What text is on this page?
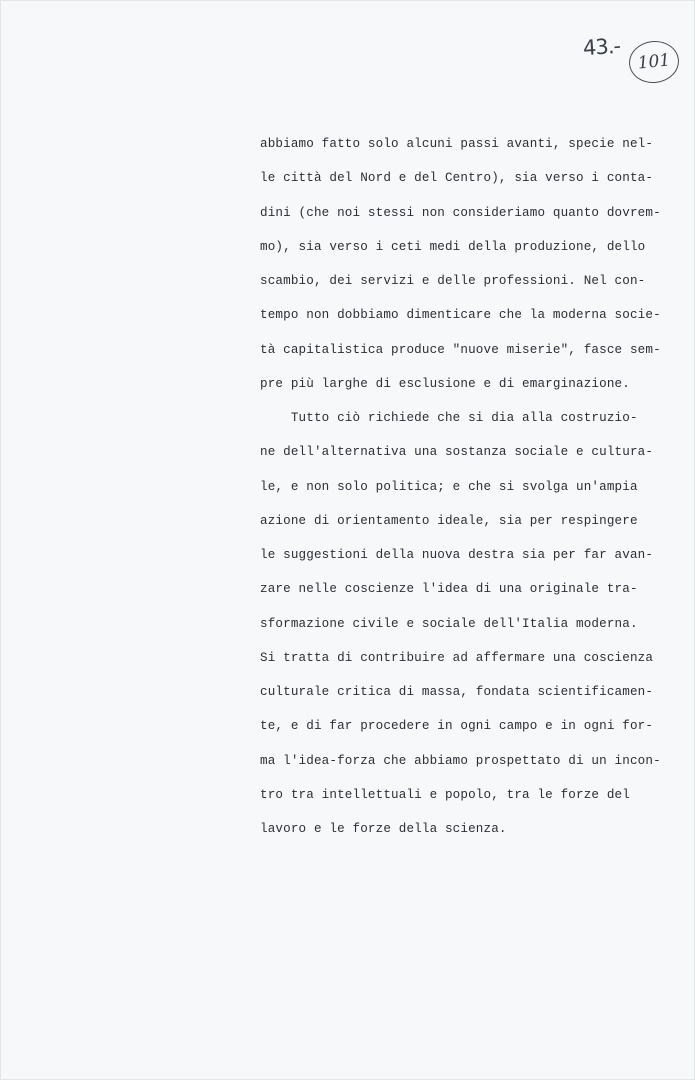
43.-
101
abbiamo fatto solo alcuni passi avanti, specie nel-
le città del Nord e del Centro), sia verso i conta-
dini (che noi stessi non consideriamo quanto dovrem-
mo), sia verso i ceti medi della produzione, dello
scambio, dei servizi e delle professioni. Nel con-
tempo non dobbiamo dimenticare che la moderna socie-
tà capitalistica produce "nuove miserie", fasce sem-
pre più larghe di esclusione e di emarginazione.
Tutto ciò richiede che si dia alla costruzio-
ne dell'alternativa una sostanza sociale e cultura-
le, e non solo politica; e che si svolga un'ampia
azione di orientamento ideale, sia per respingere
le suggestioni della nuova destra sia per far avan-
zare nelle coscienze l'idea di una originale tra-
sformazione civile e sociale dell'Italia moderna.
Si tratta di contribuire ad affermare una coscienza
culturale critica di massa, fondata scientificamen-
te, e di far procedere in ogni campo e in ogni for-
ma l'idea-forza che abbiamo prospettato di un incon-
tro tra intellettuali e popolo, tra le forze del
lavoro e le forze della scienza.
